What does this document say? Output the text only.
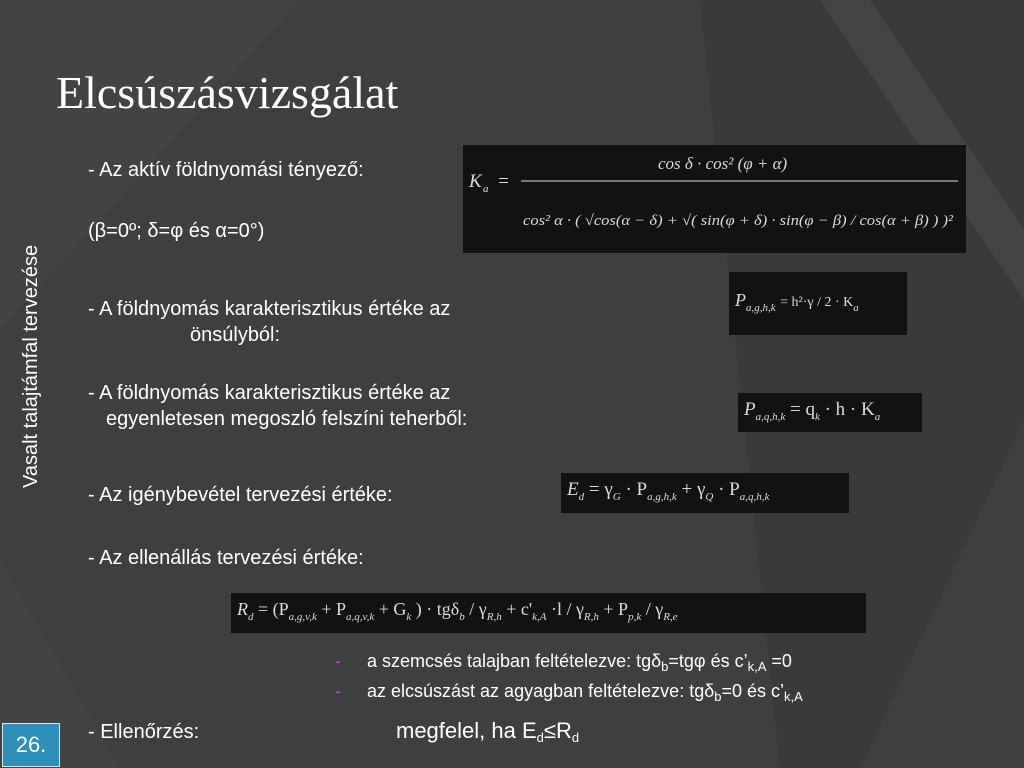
Elcsúszásvizsgálat
Vasalt talajtámfal tervezése
- Az aktív földnyomási tényező:
(β=0º; δ=φ és α=0°)
K a =
cos δ · cos² (φ + α)
cos² α · ( √cos(α − δ) + √( sin(φ + δ) · sin(φ − β) / cos(α + β) ) )²
- A földnyomás karakterisztikus értéke az
önsúlyból:
$P_{a,g,h,k} = h^2\cdot\gamma / 2 \cdot K_a$
- A földnyomás karakterisztikus értéke az
egyenletesen megoszló felszíni teherből:	$P_{a,q,h,k} = q_k \cdot h \cdot K_a$
- Az igénybevétel tervezési értéke:	$E_d = \gamma_G \cdot P_{a,g,h,k} + \gamma_Q \cdot P_{a,q,h,k}$
- Az ellenállás tervezési értéke:
$R_d = (P_{a,g,v,k} + P_{a,q,v,k} + G_k$ ) · $tg\delta_b / \gamma_{R,h} + c'_{k,A} \cdot l / \gamma_{R,h} + P_{p,k} / \gamma_{R,e}$
- a szemcsés talajban feltételezve: tgδ$_b$=tgφ és $c’_{k,A} =0$
- az elcsúszást az agyagban feltételezve: tgδ$_b$=0 és $c’_{k,A}$
- Ellenőrzés:	megfelel, ha $E_d\le R_d$
26.
